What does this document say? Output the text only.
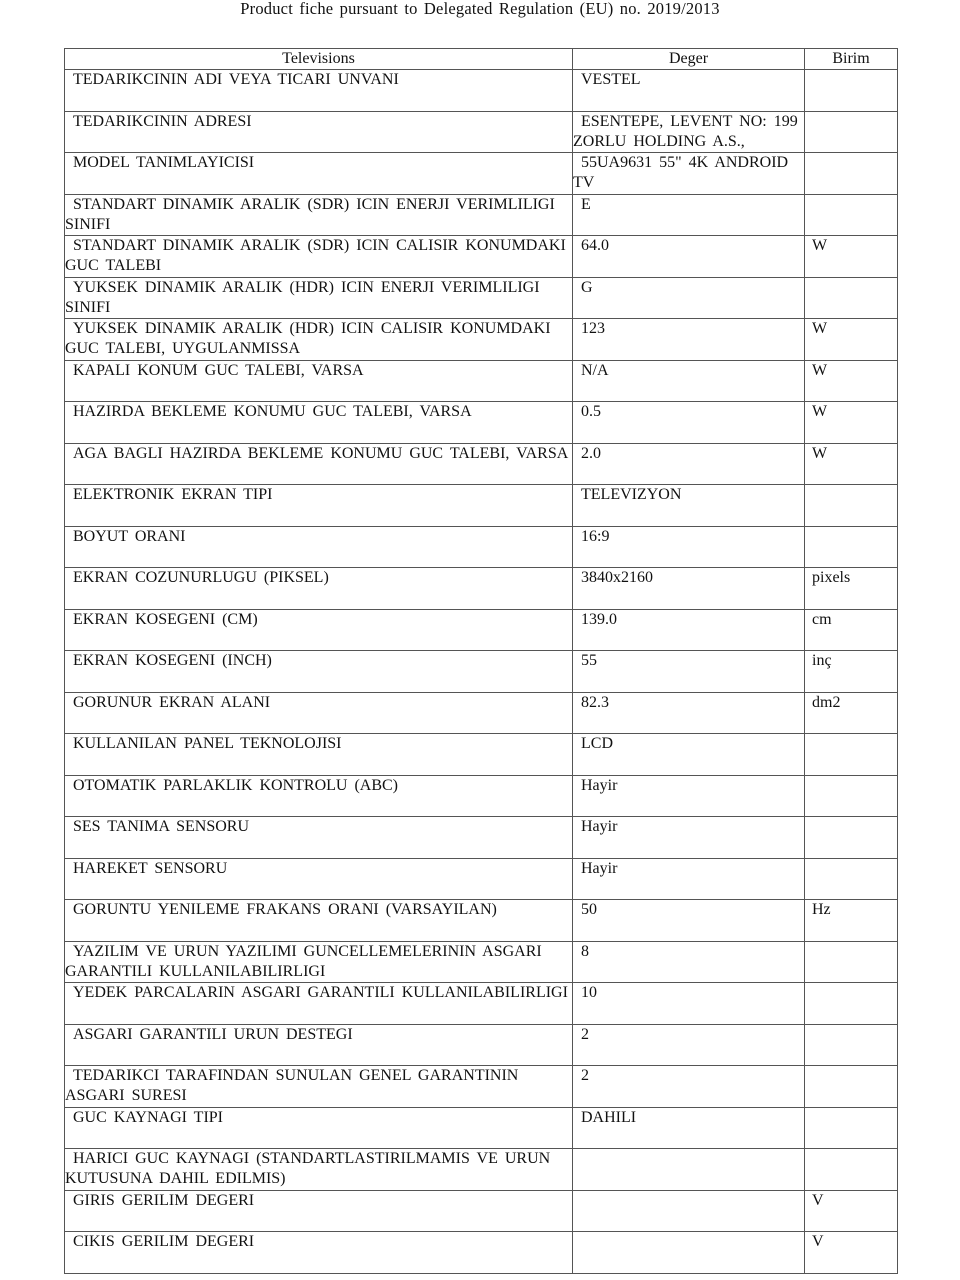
Product fiche pursuant to Delegated Regulation (EU) no. 2019/2013
Televisions	Deger	Birim

TEDARIKCININ ADI VEYA TICARI UNVANI	VESTEL	

TEDARIKCININ ADRESI	ESENTEPE, LEVENT NO: 199 ZORLU HOLDING A.S.,	

MODEL TANIMLAYICISI	55UA9631 55" 4K ANDROID TV	

STANDART DINAMIK ARALIK (SDR) ICIN ENERJI VERIMLILIGI SINIFI	E	

STANDART DINAMIK ARALIK (SDR) ICIN CALISIR KONUMDAKI GUC TALEBI	64.0	W

YUKSEK DINAMIK ARALIK (HDR) ICIN ENERJI VERIMLILIGI SINIFI	G	

YUKSEK DINAMIK ARALIK (HDR) ICIN CALISIR KONUMDAKI GUC TALEBI, UYGULANMISSA	123	W

KAPALI KONUM GUC TALEBI, VARSA	N/A	W

HAZIRDA BEKLEME KONUMU GUC TALEBI, VARSA	0.5	W

AGA BAGLI HAZIRDA BEKLEME KONUMU GUC TALEBI, VARSA	2.0	W

ELEKTRONIK EKRAN TIPI	TELEVIZYON	

BOYUT ORANI	16:9	

EKRAN COZUNURLUGU (PIKSEL)	3840x2160	pixels

EKRAN KOSEGENI (CM)	139.0	cm

EKRAN KOSEGENI (INCH)	55	inç

GORUNUR EKRAN ALANI	82.3	dm2

KULLANILAN PANEL TEKNOLOJISI	LCD	

OTOMATIK PARLAKLIK KONTROLU (ABC)	Hayir	

SES TANIMA SENSORU	Hayir	

HAREKET SENSORU	Hayir	

GORUNTU YENILEME FRAKANS ORANI (VARSAYILAN)	50	Hz

YAZILIM VE URUN YAZILIMI GUNCELLEMELERININ ASGARI GARANTILI KULLANILABILIRLIGI	8	

YEDEK PARCALARIN ASGARI GARANTILI KULLANILABILIRLIGI	10	

ASGARI GARANTILI URUN DESTEGI	2	

TEDARIKCI TARAFINDAN SUNULAN GENEL GARANTININ ASGARI SURESI	2	

GUC KAYNAGI TIPI	DAHILI	

HARICI GUC KAYNAGI (STANDARTLASTIRILMAMIS VE URUN KUTUSUNA DAHIL EDILMIS)		

GIRIS GERILIM DEGERI		V

CIKIS GERILIM DEGERI		V
